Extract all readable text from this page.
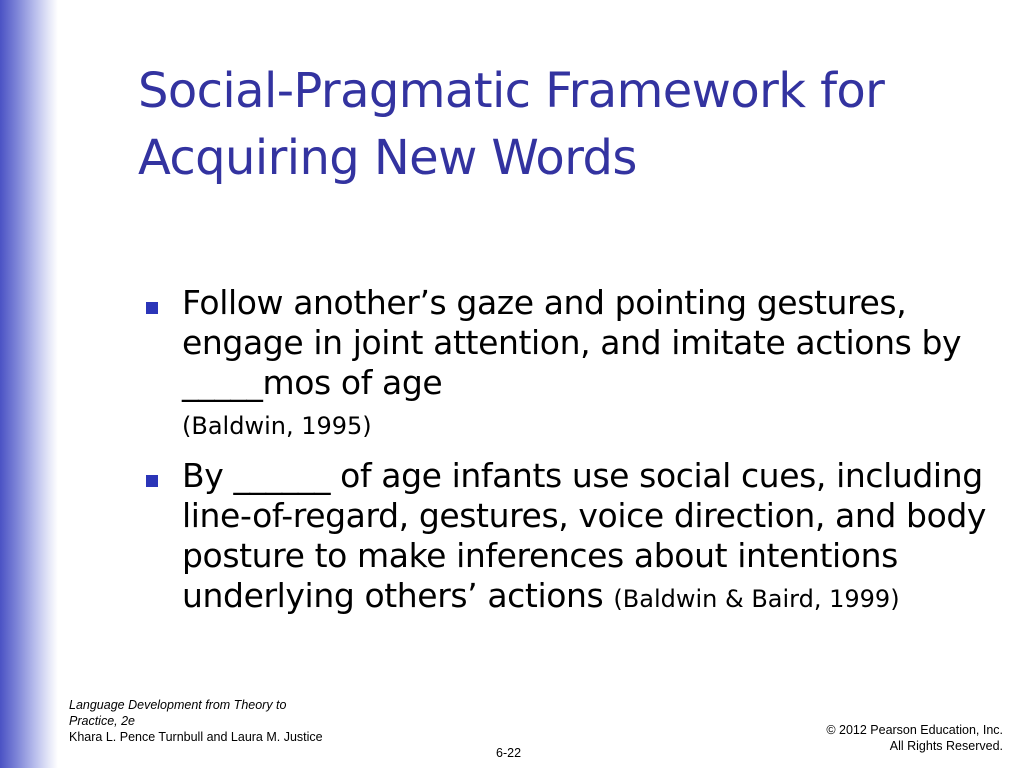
Social-Pragmatic Framework for Acquiring New Words
Follow another’s gaze and pointing gestures, engage in joint attention, and imitate actions by _____mos of age
(Baldwin, 1995)
By ______ of age infants use social cues, including line-of-regard, gestures, voice direction, and body posture to make inferences about intentions underlying others’ actions (Baldwin & Baird, 1999)
Language Development from Theory to Practice, 2e
Khara L. Pence Turnbull and Laura M. Justice	© 2012 Pearson Education, Inc.
All Rights Reserved.
6-22
